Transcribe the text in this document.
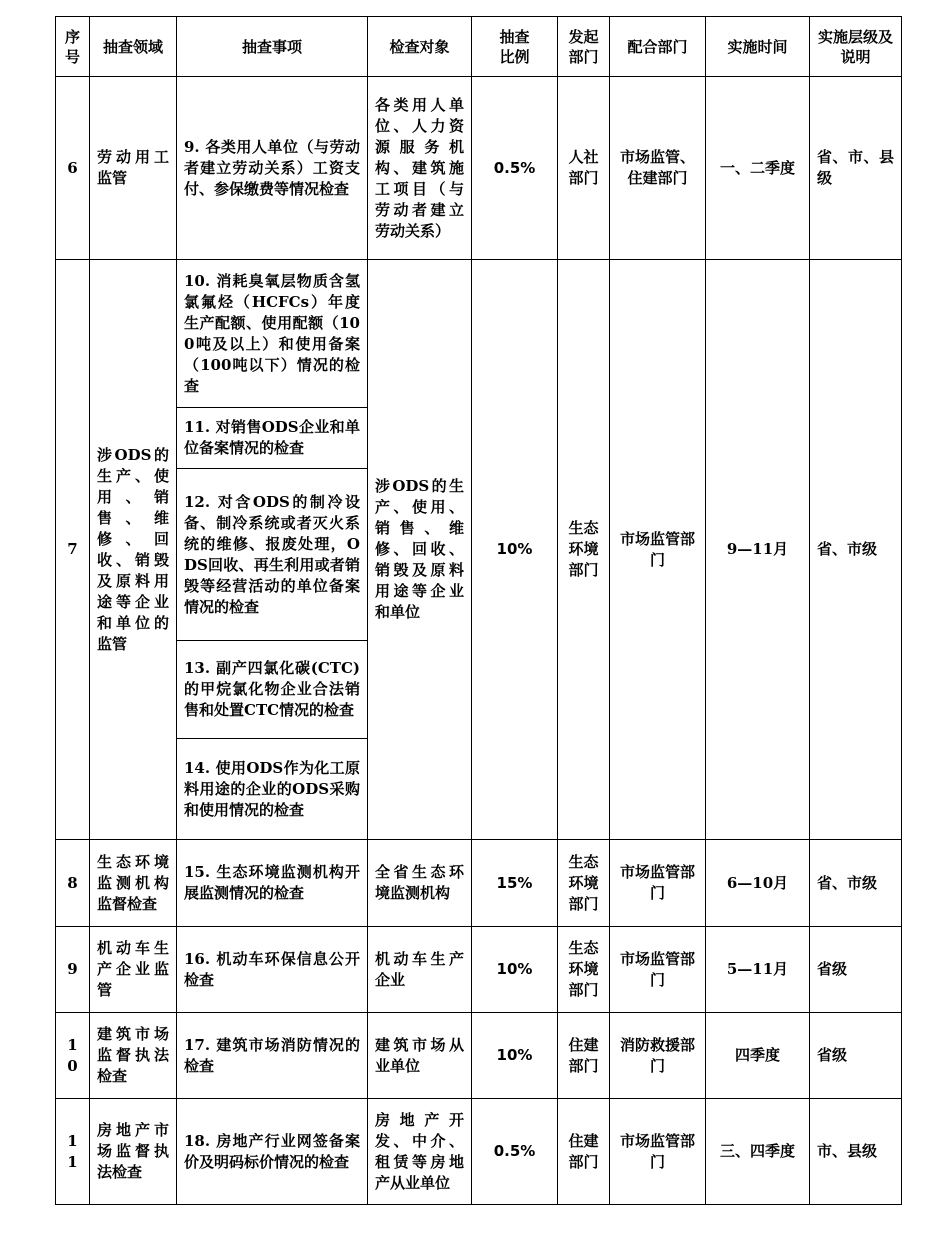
序号	抽查领域	抽查事项	检查对象	抽查比例	发起部门	配合部门	实施时间	实施层级及说明
6	劳动用工监管	9. 各类用人单位（与劳动者建立劳动关系）工资支付、参保缴费等情况检查	各类用人单位、人力资源服务机构、建筑施工项目（与劳动者建立劳动关系）	0.5%	人社部门	市场监管、住建部门	一、二季度	省、市、县级
7	涉ODS的生产、使用、销售、维修、回收、销毁及原料用途等企业和单位的监管	10. 消耗臭氧层物质含氢氯氟烃（HCFCs）年度生产配额、使用配额（100吨及以上）和使用备案（100吨以下）情况的检查	涉ODS的生产、使用、销售、维修、回收、销毁及原料用途等企业和单位	10%	生态环境部门	市场监管部门	9—11月	省、市级
		11. 对销售ODS企业和单位备案情况的检查						
		12. 对含ODS的制冷设备、制冷系统或者灭火系统的维修、报废处理，ODS回收、再生利用或者销毁等经营活动的单位备案情况的检查						
		13. 副产四氯化碳(CTC)的甲烷氯化物企业合法销售和处置CTC情况的检查						
		14. 使用ODS作为化工原料用途的企业的ODS采购和使用情况的检查						
8	生态环境监测机构监督检查	15. 生态环境监测机构开展监测情况的检查	全省生态环境监测机构	15%	生态环境部门	市场监管部门	6—10月	省、市级
9	机动车生产企业监管	16. 机动车环保信息公开检查	机动车生产企业	10%	生态环境部门	市场监管部门	5—11月	省级
10	建筑市场监督执法检查	17. 建筑市场消防情况的检查	建筑市场从业单位	10%	住建部门	消防救援部门	四季度	省级
11	房地产市场监督执法检查	18. 房地产行业网签备案价及明码标价情况的检查	房地产开发、中介、租赁等房地产从业单位	0.5%	住建部门	市场监管部门	三、四季度	市、县级
